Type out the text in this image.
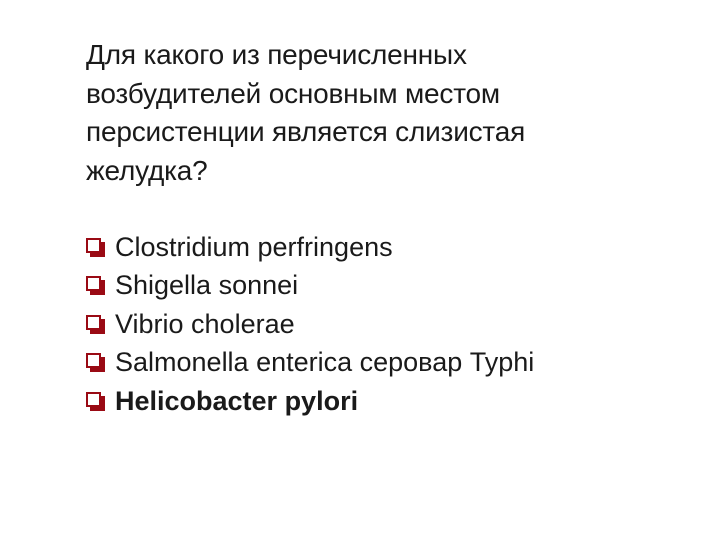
Для какого из перечисленных возбудителей основным местом персистенции является слизистая желудка?

Clostridium perfringens
Shigella sonnei
Vibrio cholerae
Salmonella enterica серовар Typhi
Helicobacter pylori
